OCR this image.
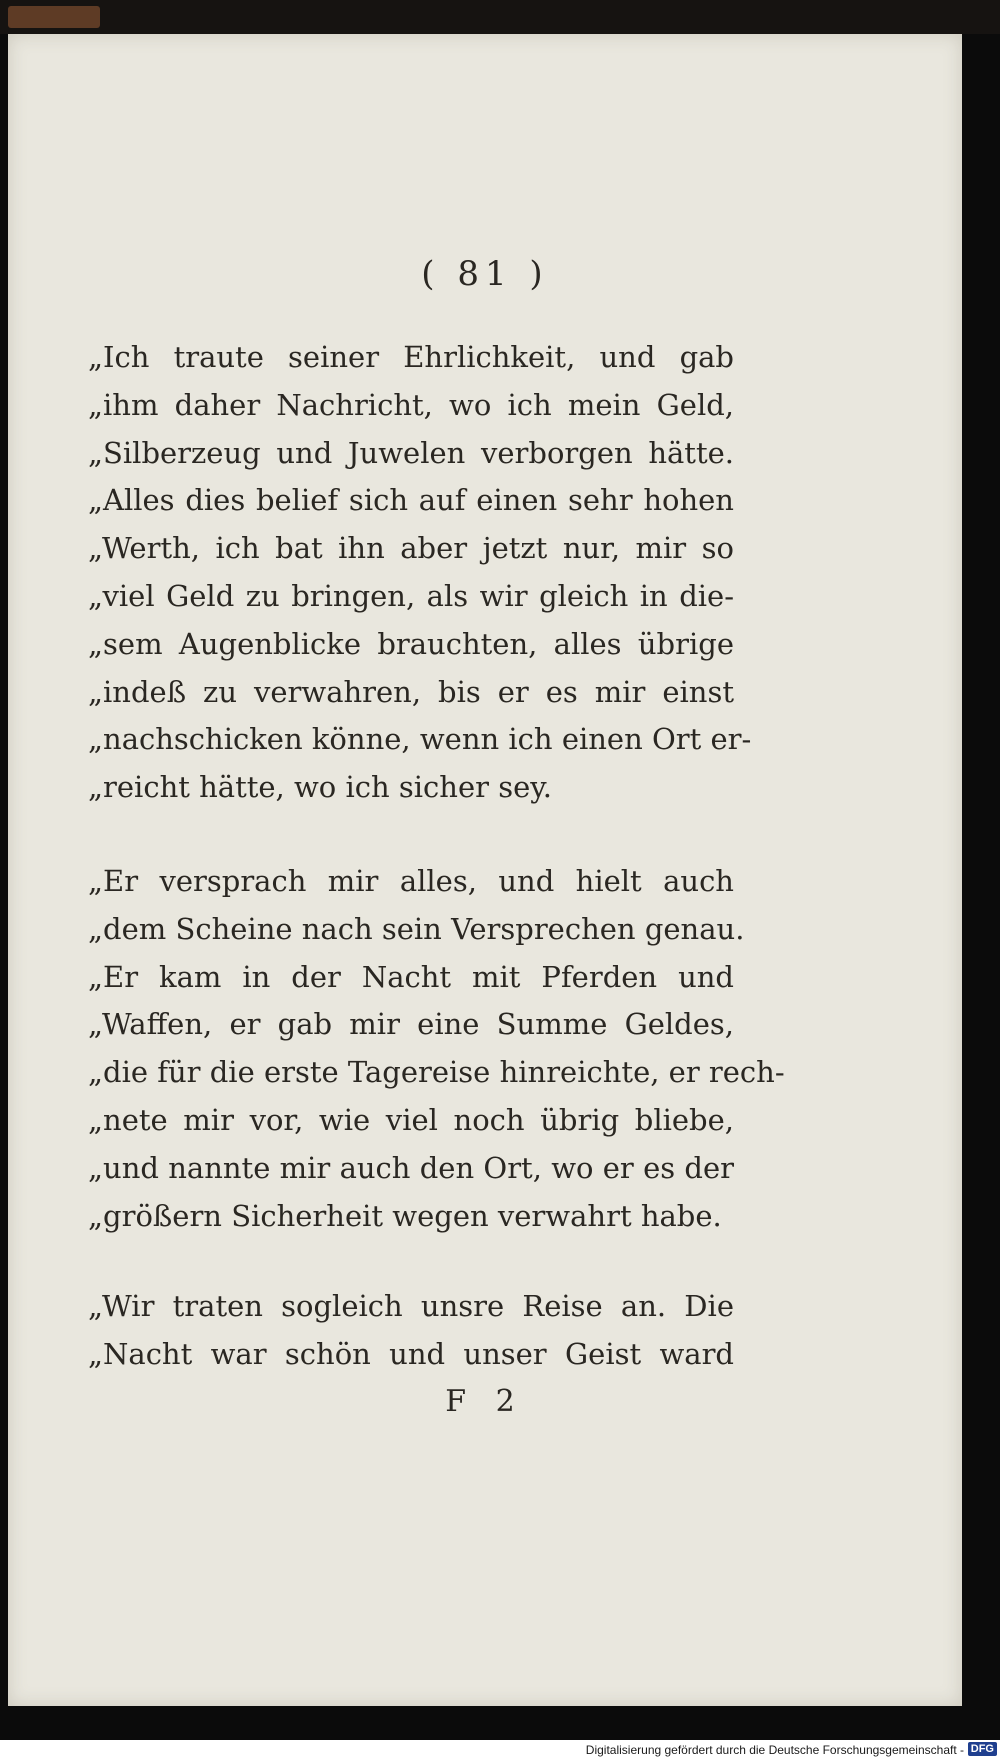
( 81 )

„Ich traute seiner Ehrlichkeit, und gab
„ihm daher Nachricht, wo ich mein Geld,
„Silberzeug und Juwelen verborgen hätte.
„Alles dies belief sich auf einen sehr hohen
„Werth, ich bat ihn aber jetzt nur, mir so
„viel Geld zu bringen, als wir gleich in die-
„sem Augenblicke brauchten, alles übrige
„indeß zu verwahren, bis er es mir einst
„nachschicken könne, wenn ich einen Ort er-
„reicht hätte, wo ich sicher sey.

„Er versprach mir alles, und hielt auch
„dem Scheine nach sein Versprechen genau.
„Er kam in der Nacht mit Pferden und
„Waffen, er gab mir eine Summe Geldes,
„die für die erste Tagereise hinreichte, er rech-
„nete mir vor, wie viel noch übrig bliebe,
„und nannte mir auch den Ort, wo er es der
„größern Sicherheit wegen verwahrt habe.

„Wir traten sogleich unsre Reise an. Die
„Nacht war schön und unser Geist ward

F 2
Digitalisierung gefördert durch die Deutsche Forschungsgemeinschaft - DFG
